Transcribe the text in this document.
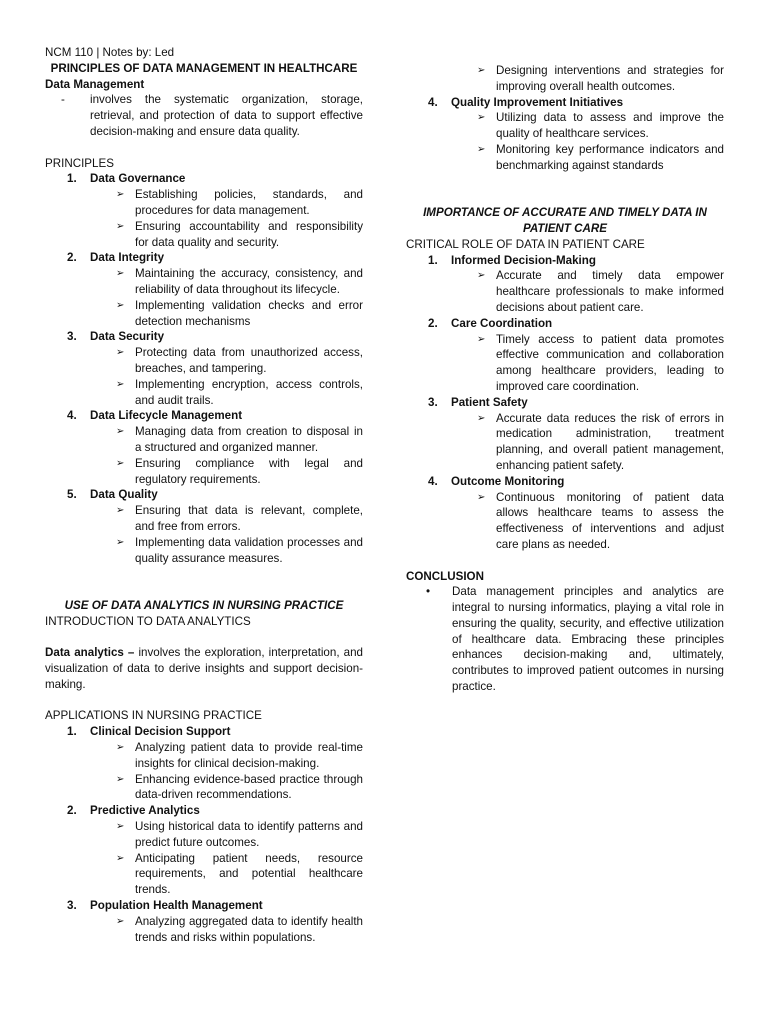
NCM 110 | Notes by: Led

PRINCIPLES OF DATA MANAGEMENT IN HEALTHCARE

Data Management

-	involves the systematic organization, storage, retrieval, and protection of data to support effective decision-making and ensure data quality.

PRINCIPLES

1.	Data Governance
➢ Establishing policies, standards, and procedures for data management.
➢ Ensuring accountability and responsibility for data quality and security.
2.	Data Integrity
➢ Maintaining the accuracy, consistency, and reliability of data throughout its lifecycle.
➢ Implementing validation checks and error detection mechanisms
3.	Data Security
➢ Protecting data from unauthorized access, breaches, and tampering.
➢ Implementing encryption, access controls, and audit trails.
4.	Data Lifecycle Management
➢ Managing data from creation to disposal in a structured and organized manner.
➢ Ensuring compliance with legal and regulatory requirements.
5.	Data Quality
➢ Ensuring that data is relevant, complete, and free from errors.
➢ Implementing data validation processes and quality assurance measures.

USE OF DATA ANALYTICS IN NURSING PRACTICE

INTRODUCTION TO DATA ANALYTICS

Data analytics – involves the exploration, interpretation, and visualization of data to derive insights and support decision-making.

APPLICATIONS IN NURSING PRACTICE

1.	Clinical Decision Support
➢ Analyzing patient data to provide real-time insights for clinical decision-making.
➢ Enhancing evidence-based practice through data-driven recommendations.
2.	Predictive Analytics
➢ Using historical data to identify patterns and predict future outcomes.
➢ Anticipating patient needs, resource requirements, and potential healthcare trends.
3.	Population Health Management
➢ Analyzing aggregated data to identify health trends and risks within populations.
➢ Designing interventions and strategies for improving overall health outcomes.
4.	Quality Improvement Initiatives
➢ Utilizing data to assess and improve the quality of healthcare services.
➢ Monitoring key performance indicators and benchmarking against standards

IMPORTANCE OF ACCURATE AND TIMELY DATA IN PATIENT CARE

CRITICAL ROLE OF DATA IN PATIENT CARE

1.	Informed Decision-Making
➢ Accurate and timely data empower healthcare professionals to make informed decisions about patient care.
2.	Care Coordination
➢ Timely access to patient data promotes effective communication and collaboration among healthcare providers, leading to improved care coordination.
3.	Patient Safety
➢ Accurate data reduces the risk of errors in medication administration, treatment planning, and overall patient management, enhancing patient safety.
4.	Outcome Monitoring
➢ Continuous monitoring of patient data allows healthcare teams to assess the effectiveness of interventions and adjust care plans as needed.

CONCLUSION

•	Data management principles and analytics are integral to nursing informatics, playing a vital role in ensuring the quality, security, and effective utilization of healthcare data. Embracing these principles enhances decision-making and, ultimately, contributes to improved patient outcomes in nursing practice.
